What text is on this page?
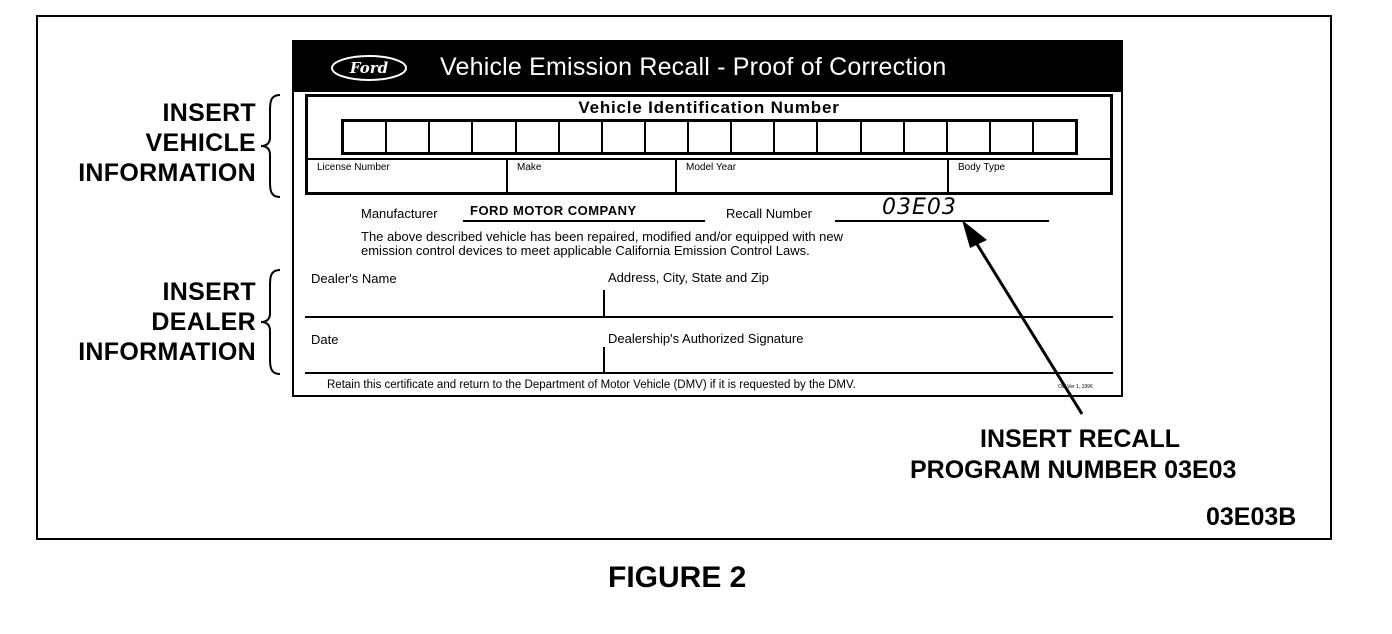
INSERT
VEHICLE
INFORMATION
INSERT
DEALER
INFORMATION
Ford Vehicle Emission Recall - Proof of Correction
Vehicle Identification Number
License Number	Make	Model Year	Body Type
Manufacturer FORD MOTOR COMPANY	Recall Number	03E03
The above described vehicle has been repaired, modified and/or equipped with new
emission control devices to meet applicable California Emission Control Laws.
Dealer's Name	Address, City, State and Zip
Date	Dealership's Authorized Signature
Retain this certificate and return to the Department of Motor Vehicle (DMV) if it is requested by the DMV.	Oct Ver 1, 1996
INSERT RECALL
PROGRAM NUMBER 03E03
03E03B
FIGURE 2
